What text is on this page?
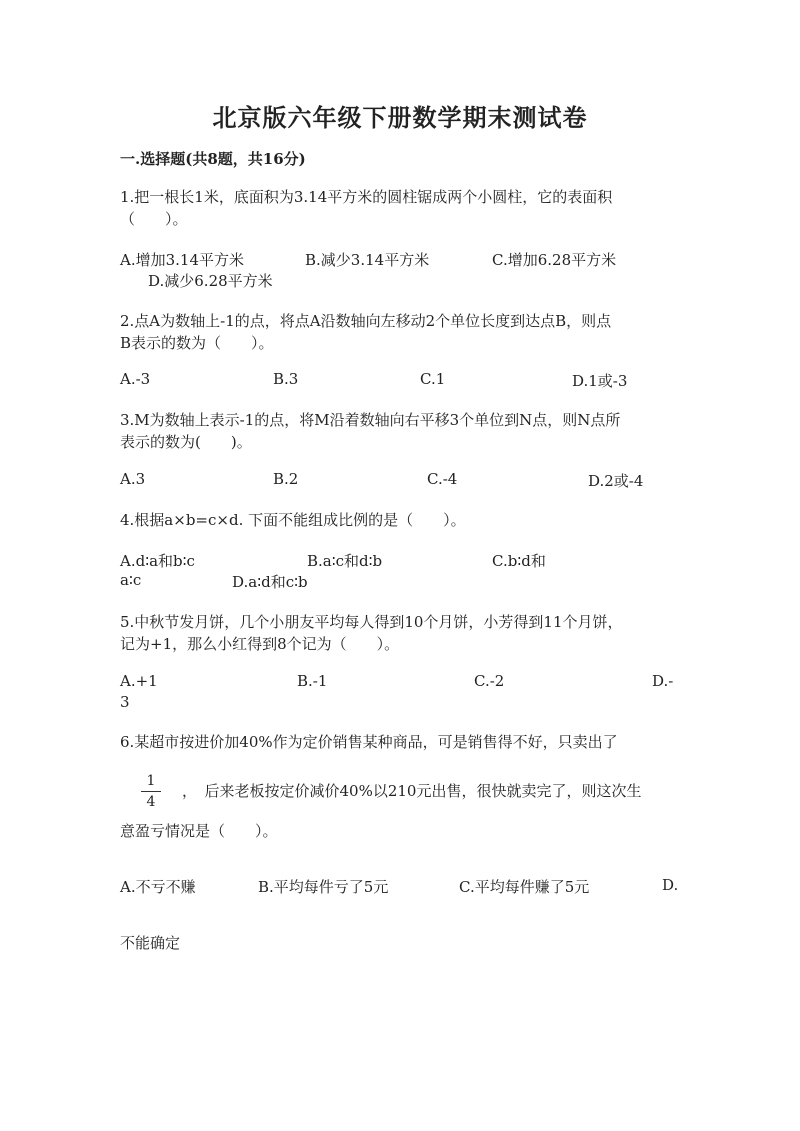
北京版六年级下册数学期末测试卷
一.选择题(共8题，共16分)
1.把一根长1米，底面积为3.14平方米的圆柱锯成两个小圆柱，它的表面积
（　　）。
A.增加3.14平方米	B.减少3.14平方米	C.增加6.28平方米
D.减少6.28平方米
2.点A为数轴上-1的点，将点A沿数轴向左移动2个单位长度到达点B，则点
B表示的数为（　　）。
A.-3	B.3	C.1	D.1或-3
3.M为数轴上表示-1的点，将M沿着数轴向右平移3个单位到N点，则N点所
表示的数为(　　)。
A.3	B.2	C.-4	D.2或-4
4.根据a×b=c×d. 下面不能组成比例的是（　　）。
A.d∶a和b∶c	B.a∶c和d∶b	C.b∶d和
a∶c	D.a∶d和c∶b
5.中秋节发月饼，几个小朋友平均每人得到10个月饼，小芳得到11个月饼，
记为+1，那么小红得到8个记为（　　）。
A.+1	B.-1	C.-2	D.-
3
6.某超市按进价加40%作为定价销售某种商品，可是销售得不好，只卖出了
1
4
，　后来老板按定价减价40%以210元出售，很快就卖完了，则这次生
意盈亏情况是（　　）。
A.不亏不赚	B.平均每件亏了5元	C.平均每件赚了5元	D.
不能确定
